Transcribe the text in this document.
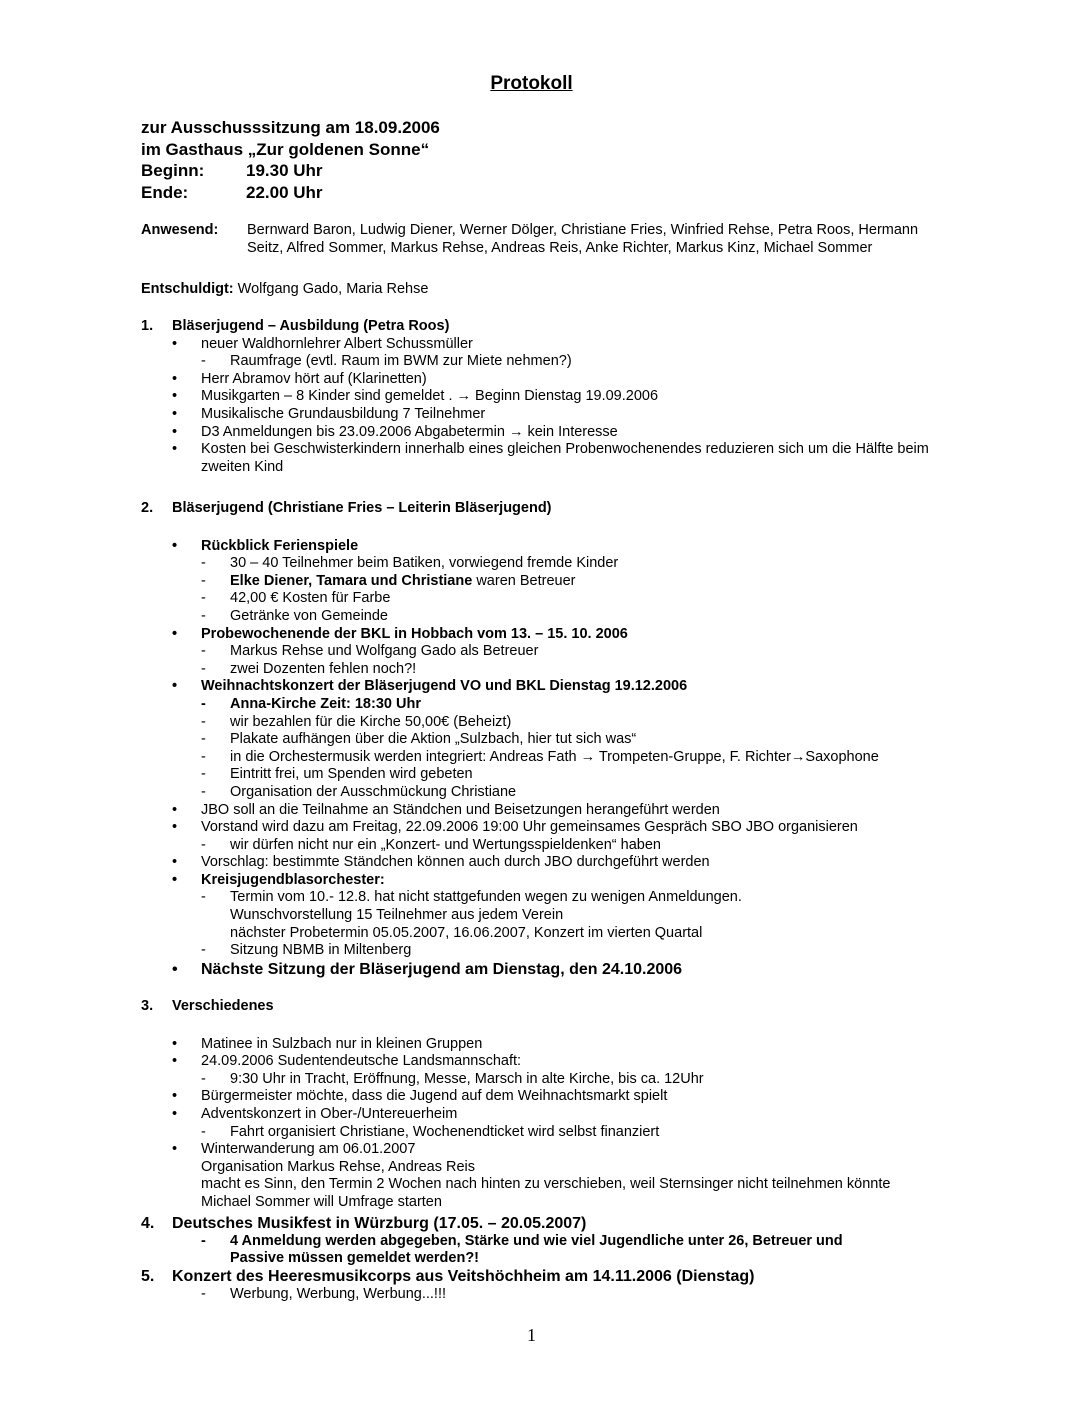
Protokoll
zur Ausschusssitzung am 18.09.2006
im Gasthaus „Zur goldenen Sonne“
Beginn: 19.30 Uhr
Ende:	22.00 Uhr
Anwesend: Bernward Baron, Ludwig Diener, Werner Dölger, Christiane Fries, Winfried Rehse, Petra Roos, Hermann Seitz, Alfred Sommer, Markus Rehse, Andreas Reis, Anke Richter, Markus Kinz, Michael Sommer
Entschuldigt: Wolfgang Gado, Maria Rehse
1. Bläserjugend – Ausbildung (Petra Roos)
• neuer Waldhornlehrer Albert Schussmüller
- Raumfrage (evtl. Raum im BWM zur Miete nehmen?)
• Herr Abramov hört auf (Klarinetten)
• Musikgarten – 8 Kinder sind gemeldet . → Beginn Dienstag 19.09.2006
• Musikalische Grundausbildung 7 Teilnehmer
• D3 Anmeldungen bis 23.09.2006 Abgabetermin → kein Interesse
• Kosten bei Geschwisterkindern innerhalb eines gleichen Probenwochenendes reduzieren sich um die Hälfte beim zweiten Kind
2. Bläserjugend (Christiane Fries – Leiterin Bläserjugend)
• Rückblick Ferienspiele
- 30 – 40 Teilnehmer beim Batiken, vorwiegend fremde Kinder
- Elke Diener, Tamara und Christiane waren Betreuer
- 42,00 € Kosten für Farbe
- Getränke von Gemeinde
• Probewochenende der BKL in Hobbach vom 13. – 15. 10. 2006
- Markus Rehse und Wolfgang Gado als Betreuer
- zwei Dozenten fehlen noch?!
• Weihnachtskonzert der Bläserjugend VO und BKL Dienstag 19.12.2006
- Anna-Kirche Zeit: 18:30 Uhr
- wir bezahlen für die Kirche 50,00€ (Beheizt)
- Plakate aufhängen über die Aktion „Sulzbach, hier tut sich was“
- in die Orchestermusik werden integriert: Andreas Fath → Trompeten-Gruppe, F. Richter→Saxophone
- Eintritt frei, um Spenden wird gebeten
- Organisation der Ausschmückung Christiane
• JBO soll an die Teilnahme an Ständchen und Beisetzungen herangeführt werden
• Vorstand wird dazu am Freitag, 22.09.2006 19:00 Uhr gemeinsames Gespräch SBO JBO organisieren
- wir dürfen nicht nur ein „Konzert- und Wertungsspieldenken“ haben
• Vorschlag: bestimmte Ständchen können auch durch JBO durchgeführt werden
• Kreisjugendblasorchester:
- Termin vom 10.- 12.8. hat nicht stattgefunden wegen zu wenigen Anmeldungen.
Wunschvorstellung 15 Teilnehmer aus jedem Verein
nächster Probetermin 05.05.2007, 16.06.2007, Konzert im vierten Quartal
- Sitzung NBMB in Miltenberg
• Nächste Sitzung der Bläserjugend am Dienstag, den 24.10.2006
3. Verschiedenes
• Matinee in Sulzbach nur in kleinen Gruppen
• 24.09.2006 Sudentendeutsche Landsmannschaft:
- 9:30 Uhr in Tracht, Eröffnung, Messe, Marsch in alte Kirche, bis ca. 12Uhr
• Bürgermeister möchte, dass die Jugend auf dem Weihnachtsmarkt spielt
• Adventskonzert in Ober-/Untereuerheim
- Fahrt organisiert Christiane, Wochenendticket wird selbst finanziert
• Winterwanderung am 06.01.2007
Organisation Markus Rehse, Andreas Reis
macht es Sinn, den Termin 2 Wochen nach hinten zu verschieben, weil Sternsinger nicht teilnehmen könnte
Michael Sommer will Umfrage starten
4. Deutsches Musikfest in Würzburg (17.05. – 20.05.2007)
- 4 Anmeldung werden abgegeben, Stärke und wie viel Jugendliche unter 26, Betreuer und Passive müssen gemeldet werden?!
5. Konzert des Heeresmusikcorps aus Veitshöchheim am 14.11.2006 (Dienstag)
- Werbung, Werbung, Werbung...!!!
1
